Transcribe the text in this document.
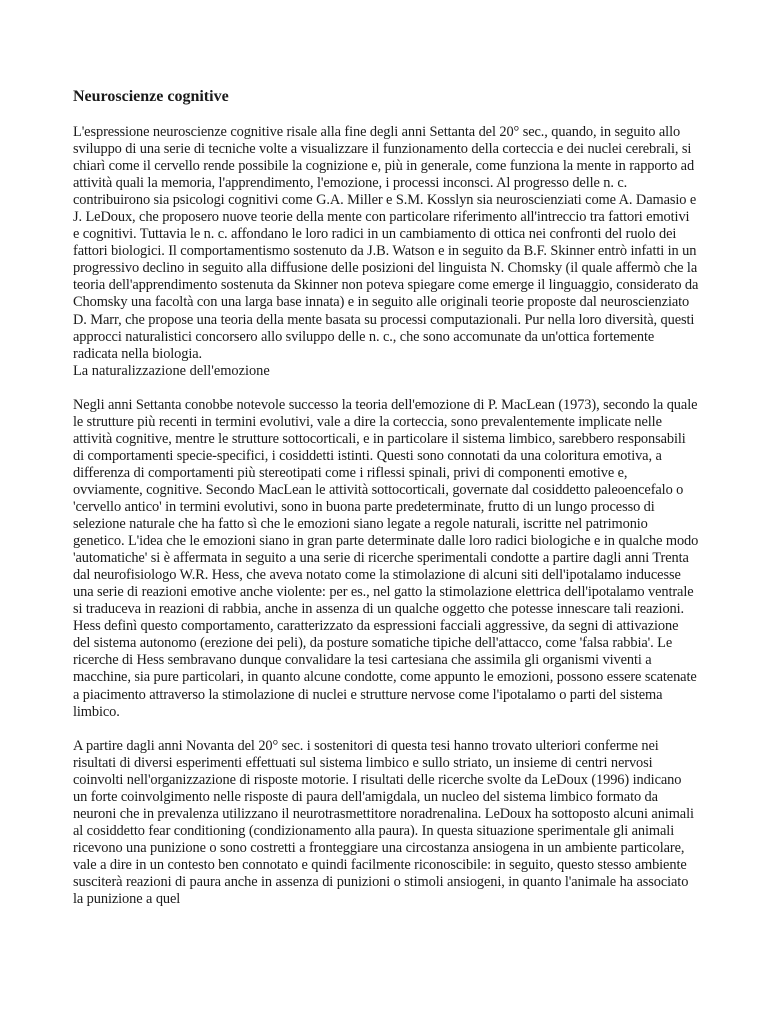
Neuroscienze cognitive

L'espressione neuroscienze cognitive risale alla fine degli anni Settanta del 20° sec., quando, in seguito allo sviluppo di una serie di tecniche volte a visualizzare il funzionamento della corteccia e dei nuclei cerebrali, si chiarì come il cervello rende possibile la cognizione e, più in generale, come funziona la mente in rapporto ad attività quali la memoria, l'apprendimento, l'emozione, i processi inconsci. Al progresso delle n. c. contribuirono sia psicologi cognitivi come G.A. Miller e S.M. Kosslyn sia neuroscienziati come A. Damasio e J. LeDoux, che proposero nuove teorie della mente con particolare riferimento all'intreccio tra fattori emotivi e cognitivi. Tuttavia le n. c. affondano le loro radici in un cambiamento di ottica nei confronti del ruolo dei fattori biologici. Il comportamentismo sostenuto da J.B. Watson e in seguito da B.F. Skinner entrò infatti in un progressivo declino in seguito alla diffusione delle posizioni del linguista N. Chomsky (il quale affermò che la teoria dell'apprendimento sostenuta da Skinner non poteva spiegare come emerge il linguaggio, considerato da Chomsky una facoltà con una larga base innata) e in seguito alle originali teorie proposte dal neuroscienziato D. Marr, che propose una teoria della mente basata su processi computazionali. Pur nella loro diversità, questi approcci naturalistici concorsero allo sviluppo delle n. c., che sono accomunate da un'ottica fortemente radicata nella biologia.

La naturalizzazione dell'emozione

Negli anni Settanta conobbe notevole successo la teoria dell'emozione di P. MacLean (1973), secondo la quale le strutture più recenti in termini evolutivi, vale a dire la corteccia, sono prevalentemente implicate nelle attività cognitive, mentre le strutture sottocorticali, e in particolare il sistema limbico, sarebbero responsabili di comportamenti specie-specifici, i cosiddetti istinti. Questi sono connotati da una coloritura emotiva, a differenza di comportamenti più stereotipati come i riflessi spinali, privi di componenti emotive e, ovviamente, cognitive. Secondo MacLean le attività sottocorticali, governate dal cosiddetto paleoencefalo o 'cervello antico' in termini evolutivi, sono in buona parte predeterminate, frutto di un lungo processo di selezione naturale che ha fatto sì che le emozioni siano legate a regole naturali, iscritte nel patrimonio genetico. L'idea che le emozioni siano in gran parte determinate dalle loro radici biologiche e in qualche modo 'automatiche' si è affermata in seguito a una serie di ricerche sperimentali condotte a partire dagli anni Trenta dal neurofisiologo W.R. Hess, che aveva notato come la stimolazione di alcuni siti dell'ipotalamo inducesse una serie di reazioni emotive anche violente: per es., nel gatto la stimolazione elettrica dell'ipotalamo ventrale si traduceva in reazioni di rabbia, anche in assenza di un qualche oggetto che potesse innescare tali reazioni. Hess definì questo comportamento, caratterizzato da espressioni facciali aggressive, da segni di attivazione del sistema autonomo (erezione dei peli), da posture somatiche tipiche dell'attacco, come 'falsa rabbia'. Le ricerche di Hess sembravano dunque convalidare la tesi cartesiana che assimila gli organismi viventi a macchine, sia pure particolari, in quanto alcune condotte, come appunto le emozioni, possono essere scatenate a piacimento attraverso la stimolazione di nuclei e strutture nervose come l'ipotalamo o parti del sistema limbico.

A partire dagli anni Novanta del 20° sec. i sostenitori di questa tesi hanno trovato ulteriori conferme nei risultati di diversi esperimenti effettuati sul sistema limbico e sullo striato, un insieme di centri nervosi coinvolti nell'organizzazione di risposte motorie. I risultati delle ricerche svolte da LeDoux (1996) indicano un forte coinvolgimento nelle risposte di paura dell'amigdala, un nucleo del sistema limbico formato da neuroni che in prevalenza utilizzano il neurotrasmettitore noradrenalina. LeDoux ha sottoposto alcuni animali al cosiddetto fear conditioning (condizionamento alla paura). In questa situazione sperimentale gli animali ricevono una punizione o sono costretti a fronteggiare una circostanza ansiogena in un ambiente particolare, vale a dire in un contesto ben connotato e quindi facilmente riconoscibile: in seguito, questo stesso ambiente susciterà reazioni di paura anche in assenza di punizioni o stimoli ansiogeni, in quanto l'animale ha associato la punizione a quel
